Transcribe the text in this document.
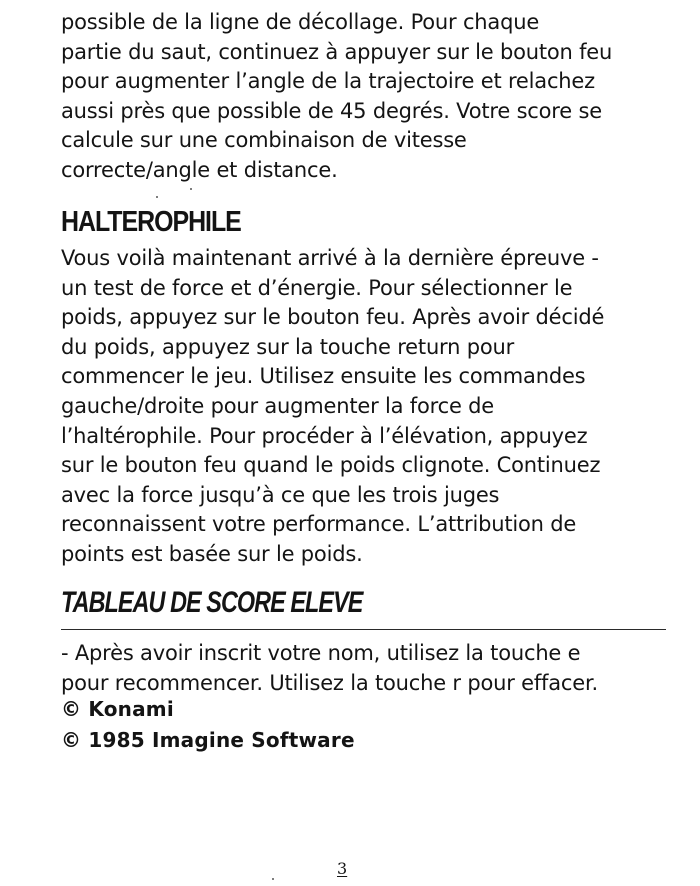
possible de la ligne de décollage. Pour chaque
partie du saut, continuez à appuyer sur le bouton feu
pour augmenter l’angle de la trajectoire et relachez
aussi près que possible de 45 degrés. Votre score se
calcule sur une combinaison de vitesse
correcte/angle et distance.

HALTEROPHILE

Vous voilà maintenant arrivé à la dernière épreuve -
un test de force et d’énergie. Pour sélectionner le
poids, appuyez sur le bouton feu. Après avoir décidé
du poids, appuyez sur la touche return pour
commencer le jeu. Utilisez ensuite les commandes
gauche/droite pour augmenter la force de
l’haltérophile. Pour procéder à l’élévation, appuyez
sur le bouton feu quand le poids clignote. Continuez
avec la force jusqu’à ce que les trois juges
reconnaissent votre performance. L’attribution de
points est basée sur le poids.

TABLEAU DE SCORE ELEVE

- Après avoir inscrit votre nom, utilisez la touche e
pour recommencer. Utilisez la touche r pour effacer.

© Konami

© 1985 Imagine Software

3
